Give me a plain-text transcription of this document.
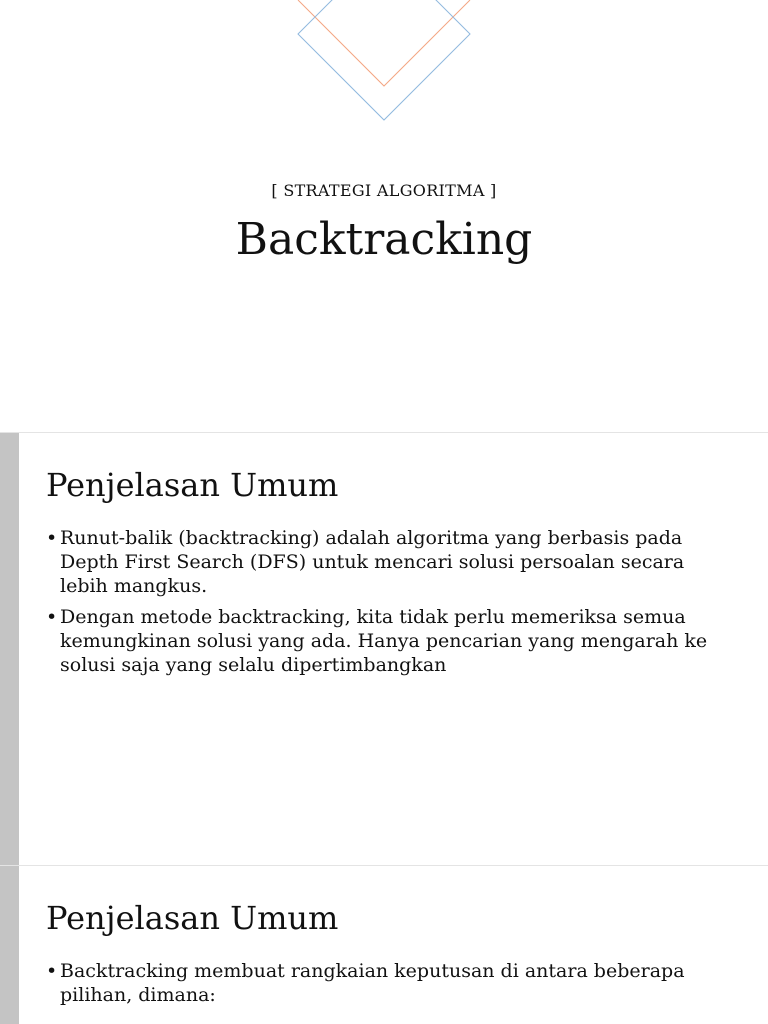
[ STRATEGI ALGORITMA ]
Backtracking
Penjelasan Umum
• Runut-balik (backtracking) adalah algoritma yang berbasis pada Depth First Search (DFS) untuk mencari solusi persoalan secara lebih mangkus.
• Dengan metode backtracking, kita tidak perlu memeriksa semua kemungkinan solusi yang ada. Hanya pencarian yang mengarah ke solusi saja yang selalu dipertimbangkan
Penjelasan Umum
• Backtracking membuat rangkaian keputusan di antara beberapa pilihan, dimana:
